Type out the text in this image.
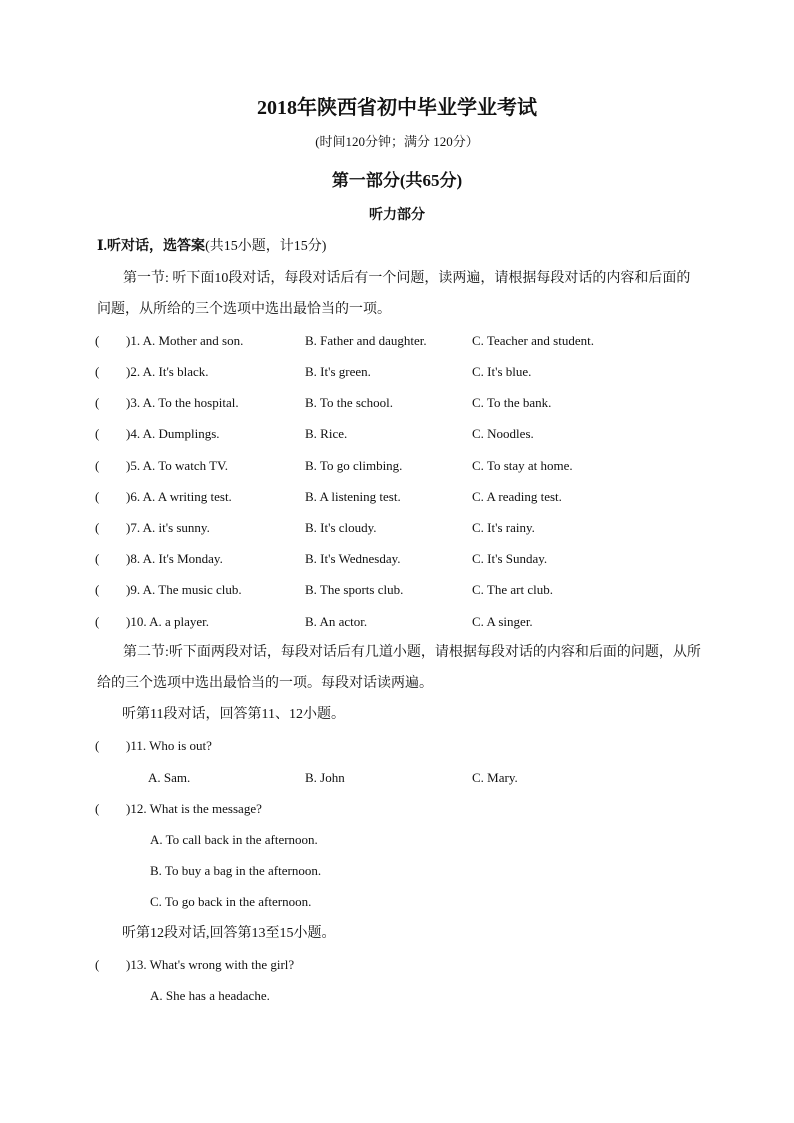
2018年陕西省初中毕业学业考试
(时间120分钟；满分 120分）
第一部分(共65分)
听力部分
Ⅰ.听对话，选答案(共15小题，计15分)
第一节: 听下面10段对话，每段对话后有一个问题，读两遍，请根据每段对话的内容和后面的
问题，从所给的三个选项中选出最恰当的一项。
( )1. A. Mother and son.	B. Father and daughter.	C. Teacher and student.
( )2. A. It's black.	B. It's green.	C. It's blue.
( )3. A. To the hospital.	B. To the school.	C. To the bank.
( )4. A. Dumplings.	B. Rice.	C. Noodles.
( )5. A. To watch TV.	B. To go climbing.	C. To stay at home.
( )6. A. A writing test.	B. A listening test.	C. A reading test.
( )7. A. it's sunny.	B. It's cloudy.	C. It's rainy.
( )8. A. It's Monday.	B. It's Wednesday.	C. It's Sunday.
( )9. A. The music club.	B. The sports club.	C. The art club.
( )10. A. a player.	B. An actor.	C. A singer.
第二节:听下面两段对话，每段对话后有几道小题，请根据每段对话的内容和后面的问题，从所
给的三个选项中选出最恰当的一项。每段对话读两遍。
听第11段对话，回答第11、12小题。
( )11. Who is out?
A. Sam.	B. John	C. Mary.
( )12. What is the message?
A. To call back in the afternoon.
B. To buy a bag in the afternoon.
C. To go back in the afternoon.
听第12段对话,回答第13至15小题。
( )13. What's wrong with the girl?
A. She has a headache.
